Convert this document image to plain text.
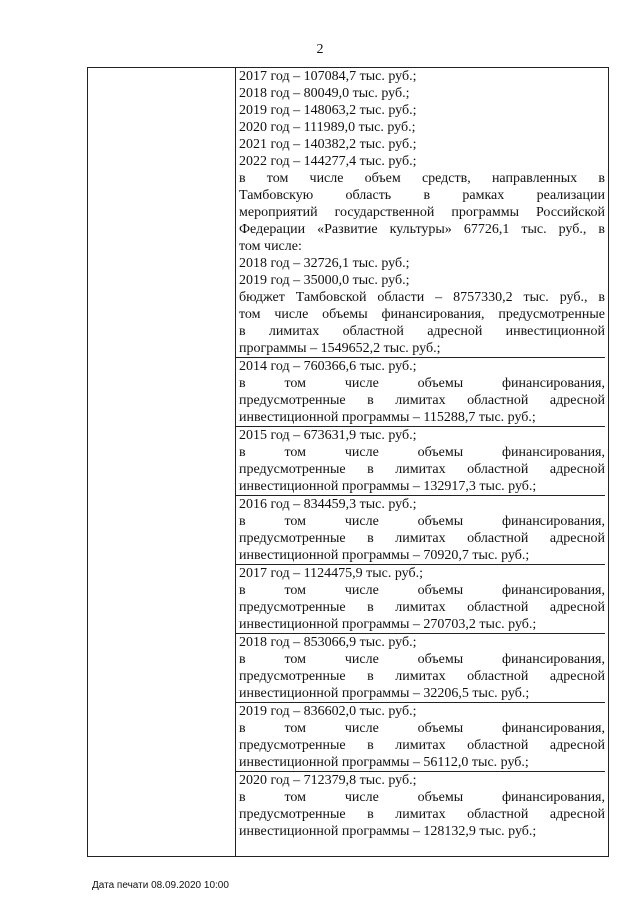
2
2017 год – 107084,7 тыс. руб.;
2018 год – 80049,0 тыс. руб.;
2019 год – 148063,2 тыс. руб.;
2020 год – 111989,0 тыс. руб.;
2021 год – 140382,2 тыс. руб.;
2022 год – 144277,4 тыс. руб.;
в том числе объем средств, направленных в
Тамбовскую область в рамках реализации
мероприятий государственной программы Российской
Федерации «Развитие культуры» 67726,1 тыс. руб., в
том числе:
2018 год – 32726,1 тыс. руб.;
2019 год – 35000,0 тыс. руб.;
бюджет Тамбовской области – 8757330,2 тыс. руб., в
том числе объемы финансирования, предусмотренные
в лимитах областной адресной инвестиционной
программы – 1549652,2 тыс. руб.;
2014 год – 760366,6 тыс. руб.;
в том числе объемы финансирования,
предусмотренные в лимитах областной адресной
инвестиционной программы – 115288,7 тыс. руб.;
2015 год – 673631,9 тыс. руб.;
в том числе объемы финансирования,
предусмотренные в лимитах областной адресной
инвестиционной программы – 132917,3 тыс. руб.;
2016 год – 834459,3 тыс. руб.;
в том числе объемы финансирования,
предусмотренные в лимитах областной адресной
инвестиционной программы – 70920,7 тыс. руб.;
2017 год – 1124475,9 тыс. руб.;
в том числе объемы финансирования,
предусмотренные в лимитах областной адресной
инвестиционной программы – 270703,2 тыс. руб.;
2018 год – 853066,9 тыс. руб.;
в том числе объемы финансирования,
предусмотренные в лимитах областной адресной
инвестиционной программы – 32206,5 тыс. руб.;
2019 год – 836602,0 тыс. руб.;
в том числе объемы финансирования,
предусмотренные в лимитах областной адресной
инвестиционной программы – 56112,0 тыс. руб.;
2020 год – 712379,8 тыс. руб.;
в том числе объемы финансирования,
предусмотренные в лимитах областной адресной
инвестиционной программы – 128132,9 тыс. руб.;
Дата печати 08.09.2020 10:00
